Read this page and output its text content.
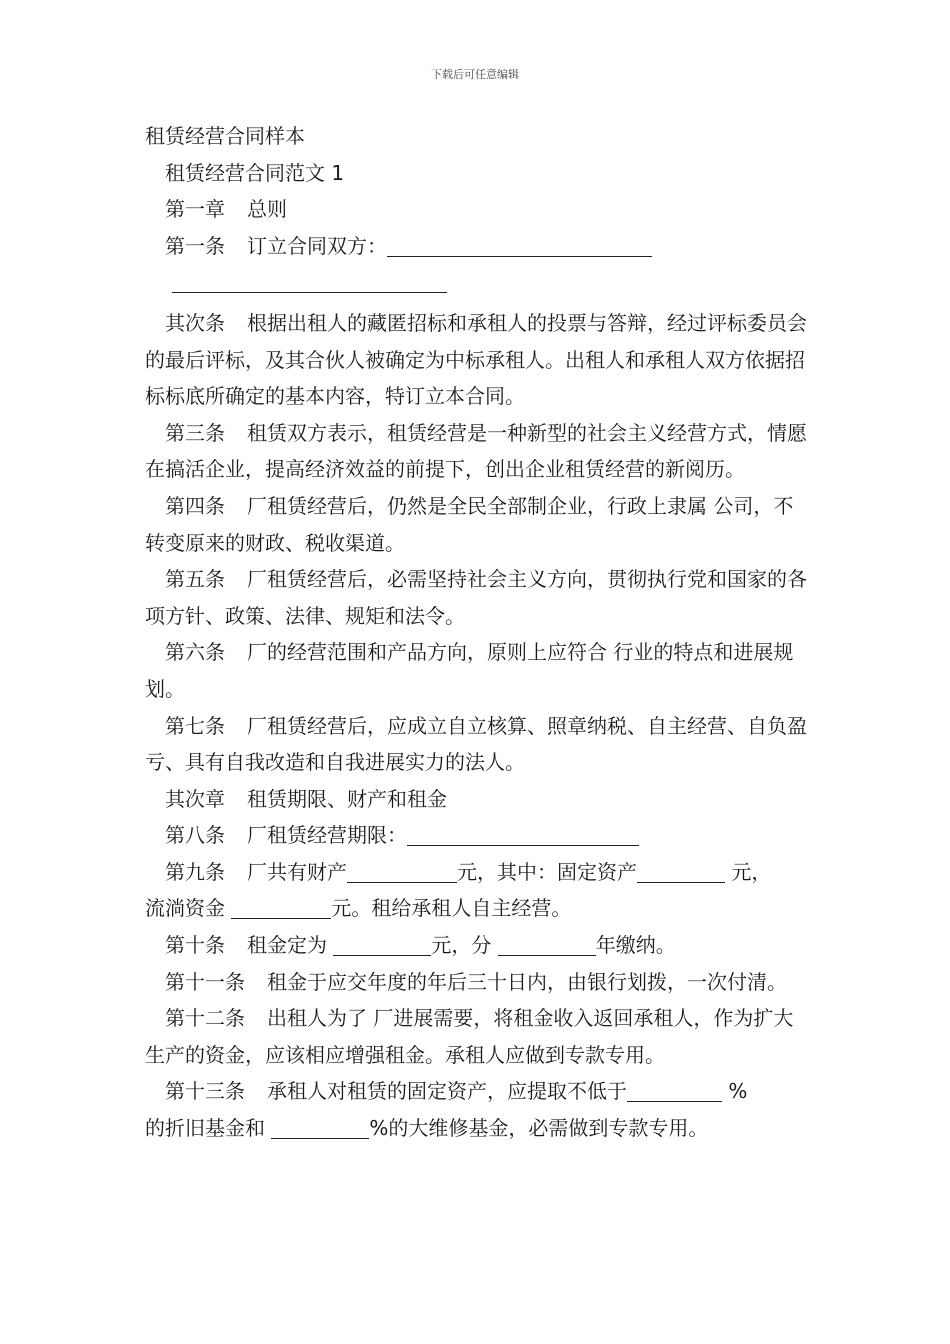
下载后可任意编辑

租赁经营合同样本

租赁经营合同范文 1

第一章 总则

第一条 订立合同双方：

其次条 根据出租人的藏匿招标和承租人的投票与答辩，经过评标委员会的最后评标，及其合伙人被确定为中标承租人。出租人和承租人双方依据招标标底所确定的基本内容，特订立本合同。

第三条 租赁双方表示，租赁经营是一种新型的社会主义经营方式，情愿在搞活企业，提高经济效益的前提下，创出企业租赁经营的新阅历。

第四条 厂租赁经营后，仍然是全民全部制企业，行政上隶属 公司，不转变原来的财政、税收渠道。

第五条 厂租赁经营后，必需坚持社会主义方向，贯彻执行党和国家的各项方针、政策、法律、规矩和法令。

第六条 厂的经营范围和产品方向，原则上应符合 行业的特点和进展规划。

第七条 厂租赁经营后，应成立自立核算、照章纳税、自主经营、自负盈亏、具有自我改造和自我进展实力的法人。

其次章 租赁期限、财产和租金

第八条 厂租赁经营期限：

第九条 厂共有财产	元，其中：固定资产	元，
流淌资金	元。租给承租人自主经营。

第十条 租金定为	元，分	年缴纳。

第十一条 租金于应交年度的年后三十日内，由银行划拨，一次付清。

第十二条 出租人为了 厂进展需要，将租金收入返回承租人，作为扩大生产的资金，应该相应增强租金。承租人应做到专款专用。

第十三条 承租人对租赁的固定资产，应提取不低于	%
的折旧基金和	%的大维修基金，必需做到专款专用。
